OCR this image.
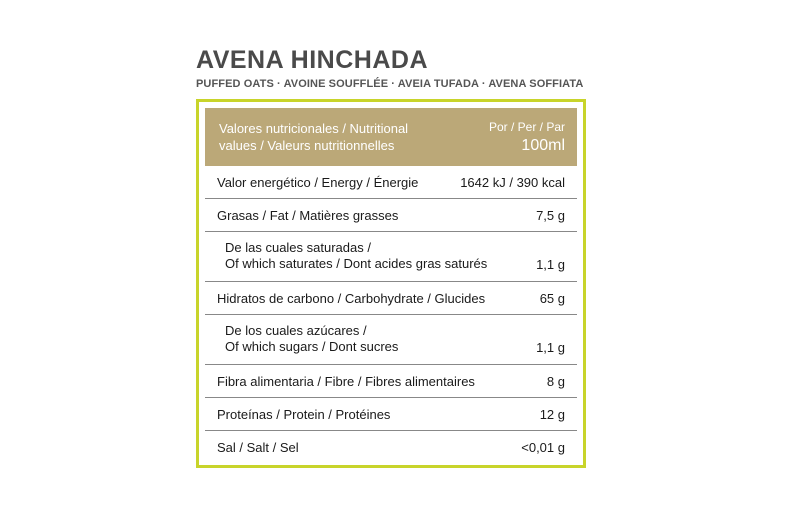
AVENA HINCHADA
PUFFED OATS · AVOINE SOUFFLÉE · AVEIA TUFADA · AVENA SOFFIATA
Valores nutricionales / Nutritional
values / Valeurs nutritionnelles
Por / Per / Par
100ml
Valor energético / Energy / Énergie	1642 kJ / 390 kcal
Grasas / Fat / Matières grasses	7,5 g
De las cuales saturadas /
Of which saturates / Dont acides gras saturés	1,1 g
Hidratos de carbono / Carbohydrate / Glucides	65 g
De los cuales azúcares /
Of which sugars / Dont sucres	1,1 g
Fibra alimentaria / Fibre / Fibres alimentaires	8 g
Proteínas / Protein / Protéines	12 g
Sal / Salt / Sel	<0,01 g
